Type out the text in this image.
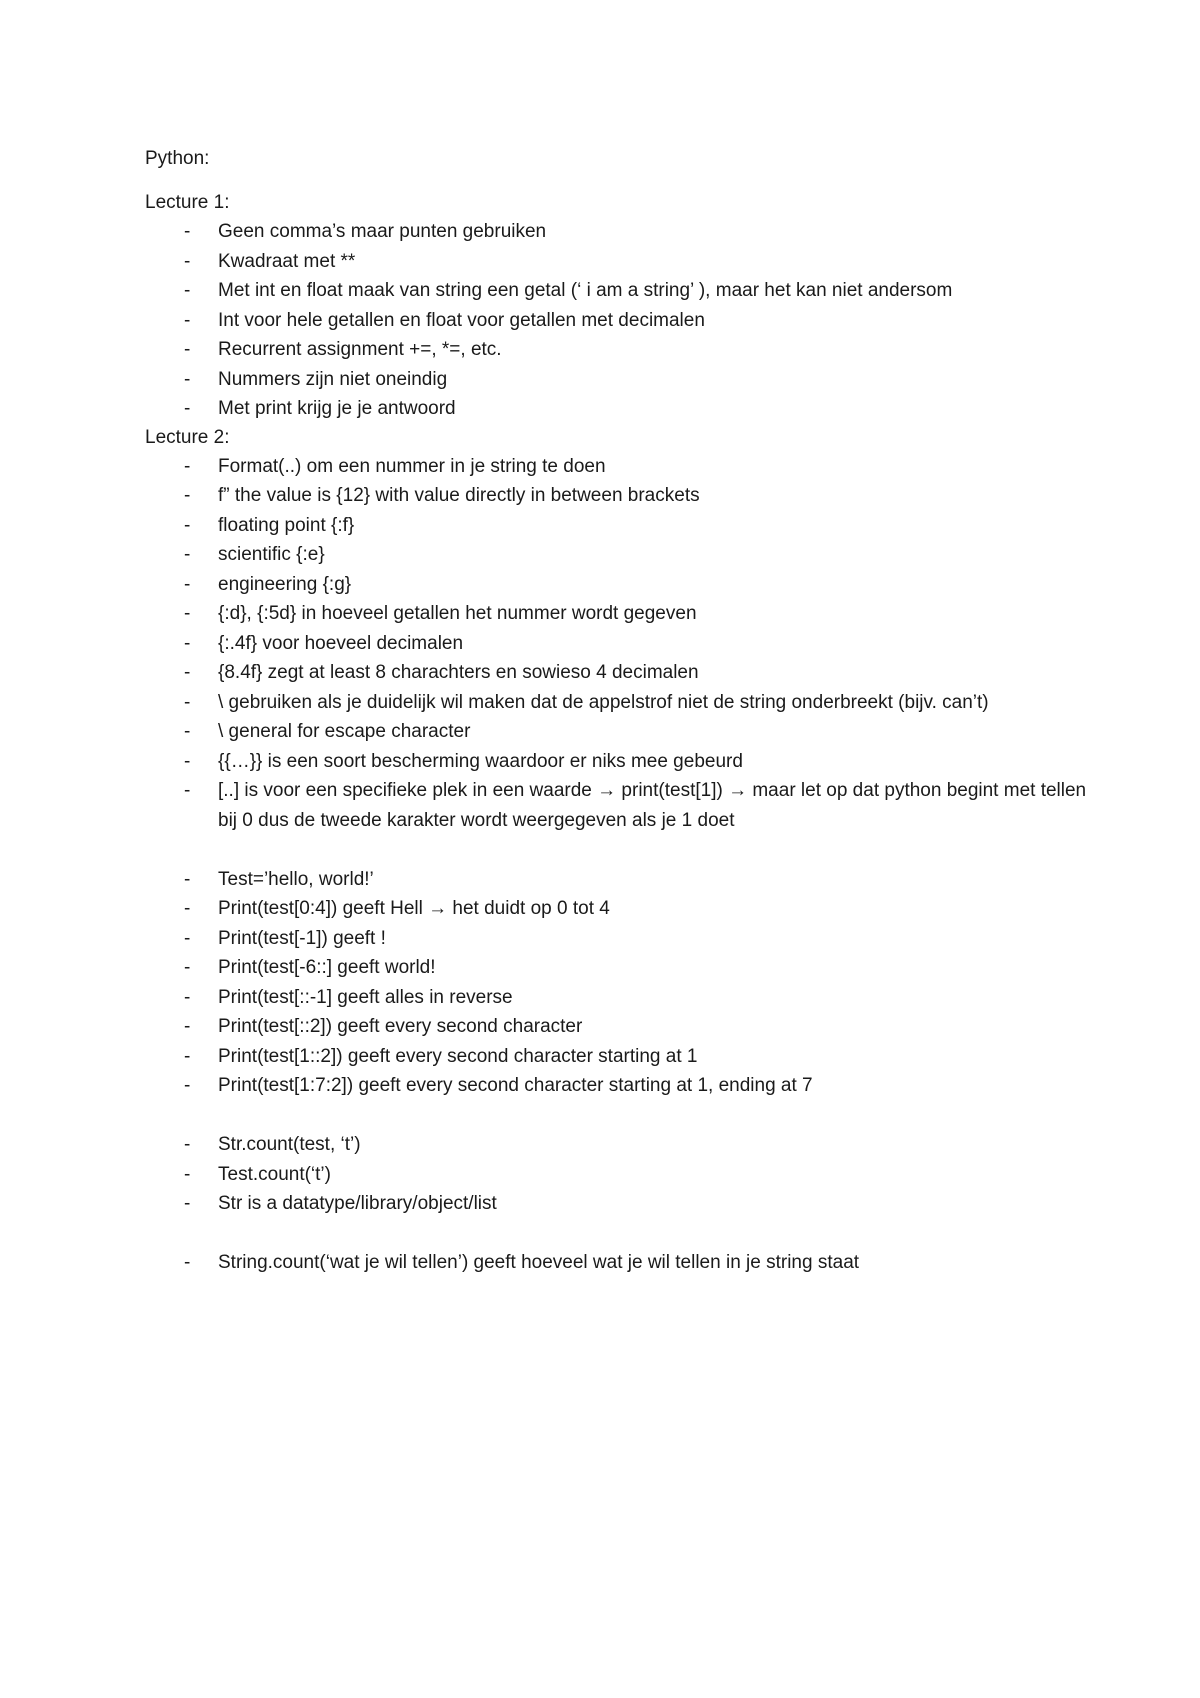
Python:
Lecture 1:
- Geen comma’s maar punten gebruiken
- Kwadraat met **
- Met int en float maak van string een getal (‘ i am a string’ ), maar het kan niet andersom
- Int voor hele getallen en float voor getallen met decimalen
- Recurrent assignment +=, *=, etc.
- Nummers zijn niet oneindig
- Met print krijg je je antwoord
Lecture 2:
- Format(..) om een nummer in je string te doen
- f” the value is {12} with value directly in between brackets
- floating point {:f}
- scientific {:e}
- engineering {:g}
- {:d}, {:5d} in hoeveel getallen het nummer wordt gegeven
- {:.4f} voor hoeveel decimalen
- {8.4f} zegt at least 8 charachters en sowieso 4 decimalen
- \ gebruiken als je duidelijk wil maken dat de appelstrof niet de string onderbreekt (bijv. can’t)
- \ general for escape character
- {{…}} is een soort bescherming waardoor er niks mee gebeurd
- [..] is voor een specifieke plek in een waarde → print(test[1]) → maar let op dat python begint met tellen bij 0 dus de tweede karakter wordt weergegeven als je 1 doet
- Test=’hello, world!’
- Print(test[0:4]) geeft Hell → het duidt op 0 tot 4
- Print(test[-1]) geeft !
- Print(test[-6::] geeft world!
- Print(test[::-1] geeft alles in reverse
- Print(test[::2]) geeft every second character
- Print(test[1::2]) geeft every second character starting at 1
- Print(test[1:7:2]) geeft every second character starting at 1, ending at 7
- Str.count(test, ‘t’)
- Test.count(‘t’)
- Str is a datatype/library/object/list
- String.count(‘wat je wil tellen’) geeft hoeveel wat je wil tellen in je string staat
